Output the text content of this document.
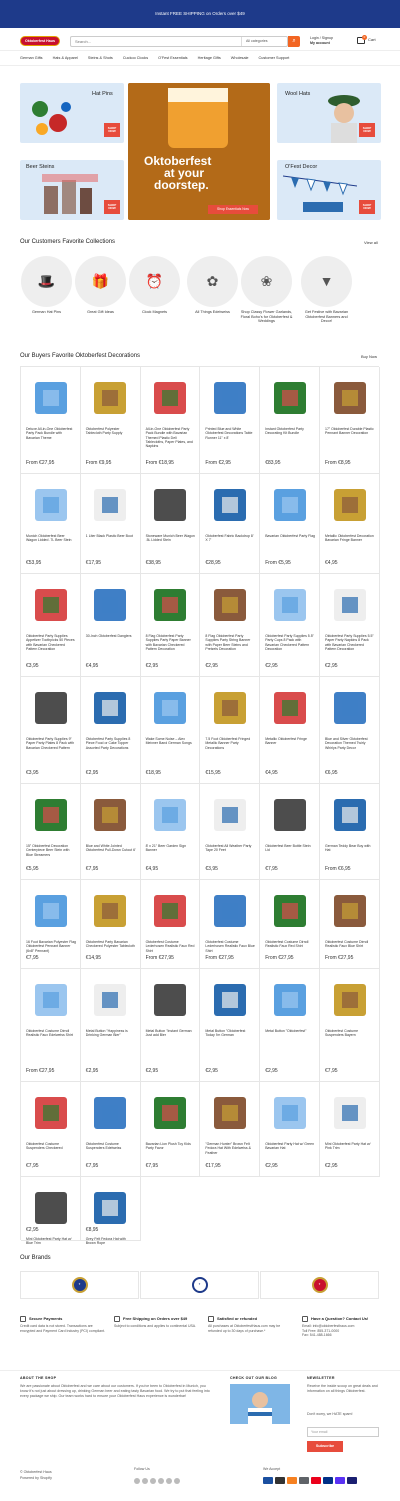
Instant FREE SHIPPING on Orders over $49
Oktoberfest Haus
Search...	All categories	⌕	Login / Signup
My account
0
Cart
German Gifts	Hats & Apparel	Steins & Shots	Cuckoo Clocks	O'Fest Essentials	Heritage Gifts	Wholesale	Customer Support
Hat Pins
SHOP NOW
Beer Steins
SHOP NOW
Oktoberfest
at your
doorstep.
Shop Essentials Now
Wool Hats
SHOP NOW
O'Fest Decor
SHOP NOW
Our Customers Favorite Collections	View all
🎩
German Hat Pins
🎁
Great Gift Ideas
⏰
Clock Magnets
✿
All Things Edelweiss
❀
Shop Classy Flower Garlands, Floral Boho's for Oktoberfest & Weddings
▼
Get Festive with Bavarian Oktoberfest Banners and Decor!
Our Buyers Favorite Oktoberfest Decorations	Buy Now
Deluxe All-in-One Oktoberfest Party Pack Bundle with Bavarian Theme
From €27,95
Oktoberfest Polyester Tablecloth Party Supply
From €9,95
All-in-One Oktoberfest Party Pack Bundle with Bavarian Themed Plastic Deli Tablecloths, Paper Plates, and Napkins
From €18,95
Printed Blue and White Oktoberfest Decorations Table Runner 11" x 8'
From €2,95
Instant Oktoberfest Party Decorating Kit Bundle
€83,95
17" Oktoberfest Durable Plastic Pennant Banner Decoration
From €8,95
Munich Oktoberfest Beer Wagon Lidded .7L Beer Stein
€53,95
1 Liter Black Plastic Beer Boot
€17,95
Stoneware Munich Beer Wagon .5L Lidded Stein
€38,95
Oktoberfest Fabric Backdrop 8' X 7'
€28,95
Bavarian Oktoberfest Party Flag
From €5,95
Metallic Oktoberfest Decoration Bavarian Fringe Banner
€4,95
Oktoberfest Party Supplies Appetizer Toothpicks 50 Pieces with Bavarian Checkered Pattern Decoration
€3,95
30-Inch Oktoberfest Danglers
€4,95
8 Flag Oktoberfest Party Supplies Party Paper Banner with Bavarian Checkered Pattern Decoration
€2,95
8 Flag Oktoberfest Party Supplies Party String Banner with Paper Beer Steins and Pretzels Decoration
€2,95
Oktoberfest Party Supplies 5.5" Party Cups 8 Pack with Bavarian Checkered Pattern Decoration
€2,95
Oktoberfest Party Supplies 5.5" Paper Party Napkins 8 Pack with Bavarian Checkered Pattern Decoration
€2,95
Oktoberfest Party Supplies 9" Paper Party Plates 8 Pack with Bavarian Checkered Pattern
€3,95
Oktoberfest Party Supplies 8 Piece Food or Cake Topper Assorted Party Decorations
€2,95
Wake Some Noise – Alex Meixner Band German Songs
€18,95
7.5 Foot Oktoberfest Fringed Metallic Banner Party Decorations
€15,95
Metallic Oktoberfest Fringe Banner
€4,95
Blue and Silver Oktoberfest Decoration Themed Twirly Whirlys Party Decor
€6,95
15" Oktoberfest Decoration Centerpiece Beer Stein with Blue Streamers
€5,95
Blue and White Jointed Oktoberfest Pull-Down Cutout 6'
€7,95
8' x 21" Beer Garden Sign Banner
€4,95
Oktoberfest All Weather Party Tape 20 Feet
€3,95
Oktoberfest Beer Bottle Stein Lid
€7,95
German Teddy Bear Boy with Hat
From €6,95
16 Foot Bavarian Polyester Flag Oktoberfest Pennant Banner (6x8" Pennant)
€7,95
Oktoberfest Party Bavarian Checkered Polyester Tablecloth
€14,95
Oktoberfest Costume Lederhosen Realistic Faux Red Shirt
From €27,95
Oktoberfest Costume Lederhosen Realistic Faux Blue Shirt
From €27,95
Oktoberfest Costume Dirndl Realistic Faux Red Shirt
From €27,95
Oktoberfest Costume Dirndl Realistic Faux Blue Shirt
From €27,95
Oktoberfest Costume Dirndl Realistic Faux Edelweiss Shirt
From €27,95
Metal Button "Happiness is Drinking German Bier"
€2,95
Metal Button "Instant German Just add Bier
€2,95
Metal Button "Oktoberfest Today I'm German
€2,95
Metal Button "Oktoberfest"
€2,95
Oktoberfest Costume Suspenders Bayern
€7,95
Oktoberfest Costume Suspenders Checkered
€7,95
Oktoberfest Costume Suspenders Edelweiss
€7,95
Bavarian Lion Plush Toy Kids Party Favor
€7,95
"German Hunter" Brown Felt Fedora Hat With Edelweiss & Feather
€17,95
Oktoberfest Party Hat w/ Green Bavarian Hat
€2,95
Mini Oktoberfest Party Hat w/ Pink Trim
€2,95
Mini Oktoberfest Party Hat w/ Blue Trim
€2,95
Grey Felt Fedora Hat with Brown Rope
€8,95
Our Brands
✦	✦	✦
Secure Payments
Credit card data is not stored. Transactions are encrypted and Payment Card Industry (PCI) compliant.
Free Shipping on Orders over $49
Subject to conditions and applies to continental USA.
Satisfied or refunded
All purchases at OktoberfestHaus.com may be refunded up to 30 days of purchase.*
Have a Question? Contact Us!
Email: info@oktoberfesthaus.com
Toll Free: 855-371-0000
Fax: 541-488-1666
ABOUT THE SHOP
We are passionate about Oktoberfest and we care about our customers. If you've been to Oktoberfest in Munich, you know it's not just about dressing up, drinking German beer and eating tasty Bavarian food. We try to put that feeling into every package we ship. Our team works hard to ensure your Oktoberfest Haus experience is wunderbar!
CHECK OUT OUR BLOG	NEWSLETTER
Receive the inside scoop on great deals and information on all things Oktoberfest.
Don't worry, we HATE spam!
Your email
Subscribe
© Oktoberfest Haus
Powered by Shopify
Follow Us	We Accept
